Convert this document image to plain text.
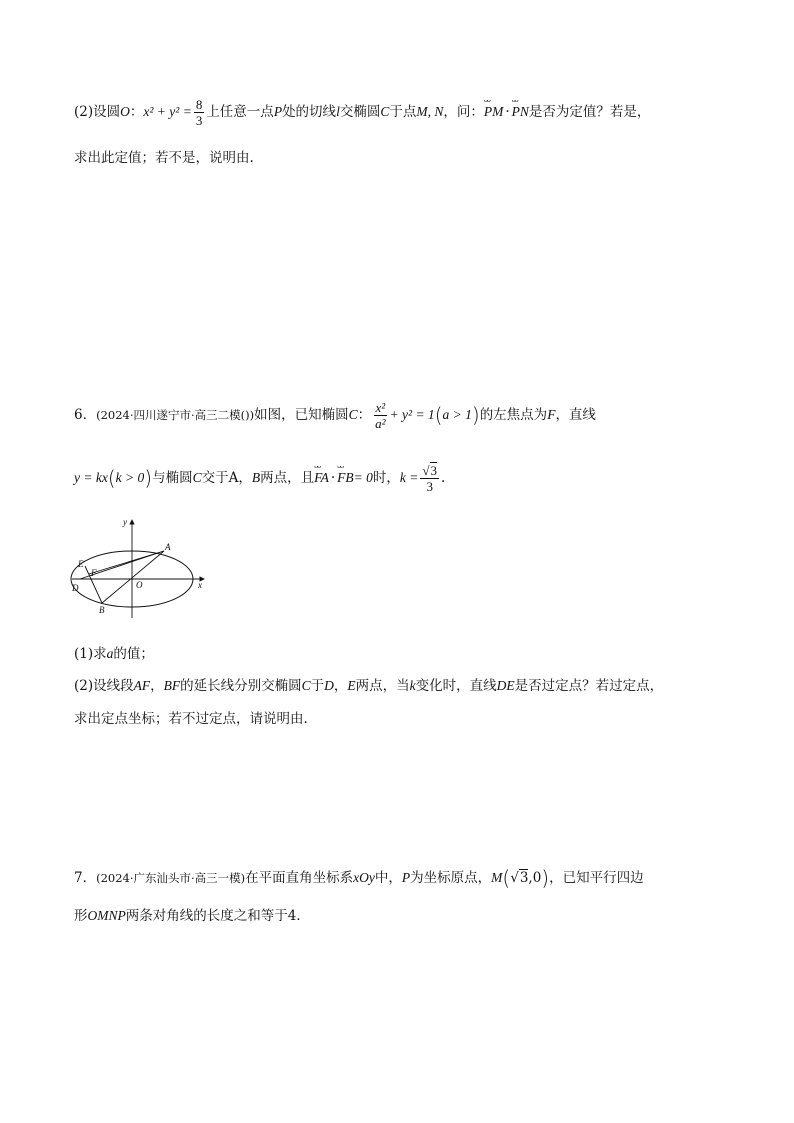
(2)设圆O：$x^2 + y^2 = \frac{8}{3}$ 上任意一点P处的切线l交椭圆C于点M, N，问：ᴗᴗ PM · ᴗᴗ PN是否为定值？若是，
求出此定值；若不是，说明由.
6．(2024·四川遂宁市·高三二模())如图，已知椭圆C： $\frac{\text{x²}}{\text{a²}} + y^2 = 1(a > 1)$的左焦点为F，直线
y = kx(k > 0)与椭圆C交于A，B两点，且ᴗᴗ FA · ᴗᴗ FB= 0时，$k = \frac{√3}{3}$ .
y
x
O
A
B
D
E
F
(1)求a的值；
(2)设线段AF，BF的延长线分别交椭圆C于D，E两点，当k变化时，直线DE是否过定点？若过定点，
求出定点坐标；若不过定点，请说明由.
7．(2024·广东汕头市·高三一模)在平面直角坐标系xOy中，P为坐标原点，M(√3,0)，已知平行四边
形OMNP两条对角线的长度之和等于4．
